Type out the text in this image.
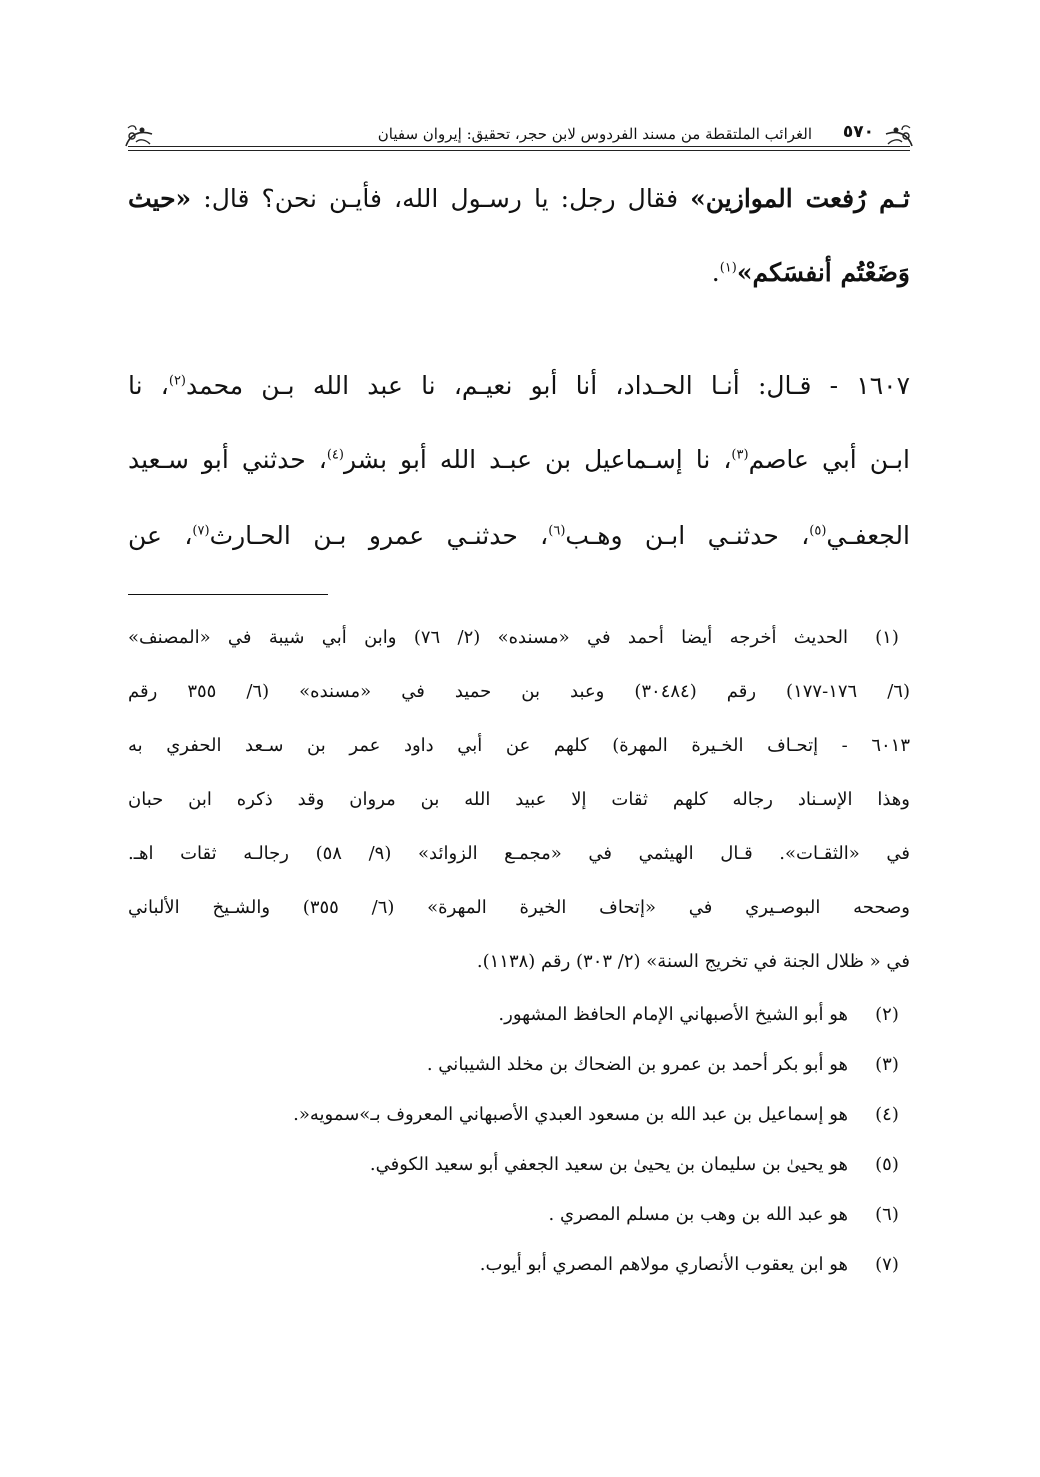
الغرائب الملتقطة من مسند الفردوس لابن حجر، تحقيق: إيروان سفيان ٥٧٠
ثـم رُفعت الموازين» فقال رجل: يا رسـول الله، فأيـن نحن؟ قال: «حيث
وَضَعْتُم أنفسَكم»$^{(١)}$.
١٦٠٧ - قـال: أنـا الحـداد، أنا أبو نعيـم، نا عبد الله بـن محمد$^{(٢)}$، نا
ابـن أبي عاصم$^{(٣)}$، نا إسـماعيل بن عبـد الله أبو بشر$^{(٤)}$، حدثني أبو سـعيد
الجعفـي$^{(٥)}$، حدثنـي ابـن وهـب$^{(٦)}$، حدثنـي عمرو بـن الحـارث$^{(٧)}$، عن
(١)
الحديث أخرجه أيضا أحمد في «مسنده» (٢/ ٧٦) وابن أبي شيبة في «المصنف»
(٦/ ١٧٦-١٧٧) رقم (٣٠٤٨٤) وعبد بن حميد في «مسنده» (٦/ ٣٥٥ رقم
٦٠١٣ - إتحـاف الخـيرة المهرة) كلهم عن أبي داود عمر بن سـعد الحفري به
وهذا الإسـناد رجاله كلهم ثقات إلا عبيد الله بن مروان وقد ذكره ابن حبان
في «الثقـات». قـال الهيثمي في «مجمـع الزوائد» (٩/ ٥٨) رجالـه ثقات اهـ.
وصححه البوصـيري في «إتحاف الخيرة المهرة» (٦/ ٣٥٥) والشـيخ الألباني
في « ظلال الجنة في تخريج السنة» (٢/ ٣٠٣) رقم (١١٣٨).
(٢)
هو أبو الشيخ الأصبهاني الإمام الحافظ المشهور.
(٣)
هو أبو بكر أحمد بن عمرو بن الضحاك بن مخلد الشيباني .
(٤)
هو إسماعيل بن عبد الله بن مسعود العبدي الأصبهاني المعروف بـ»سمويه«.
(٥)
هو يحيىٰ بن سليمان بن يحيىٰ بن سعيد الجعفي أبو سعيد الكوفي.
(٦)
هو عبد الله بن وهب بن مسلم المصري .
(٧)
هو ابن يعقوب الأنصاري مولاهم المصري أبو أيوب.
